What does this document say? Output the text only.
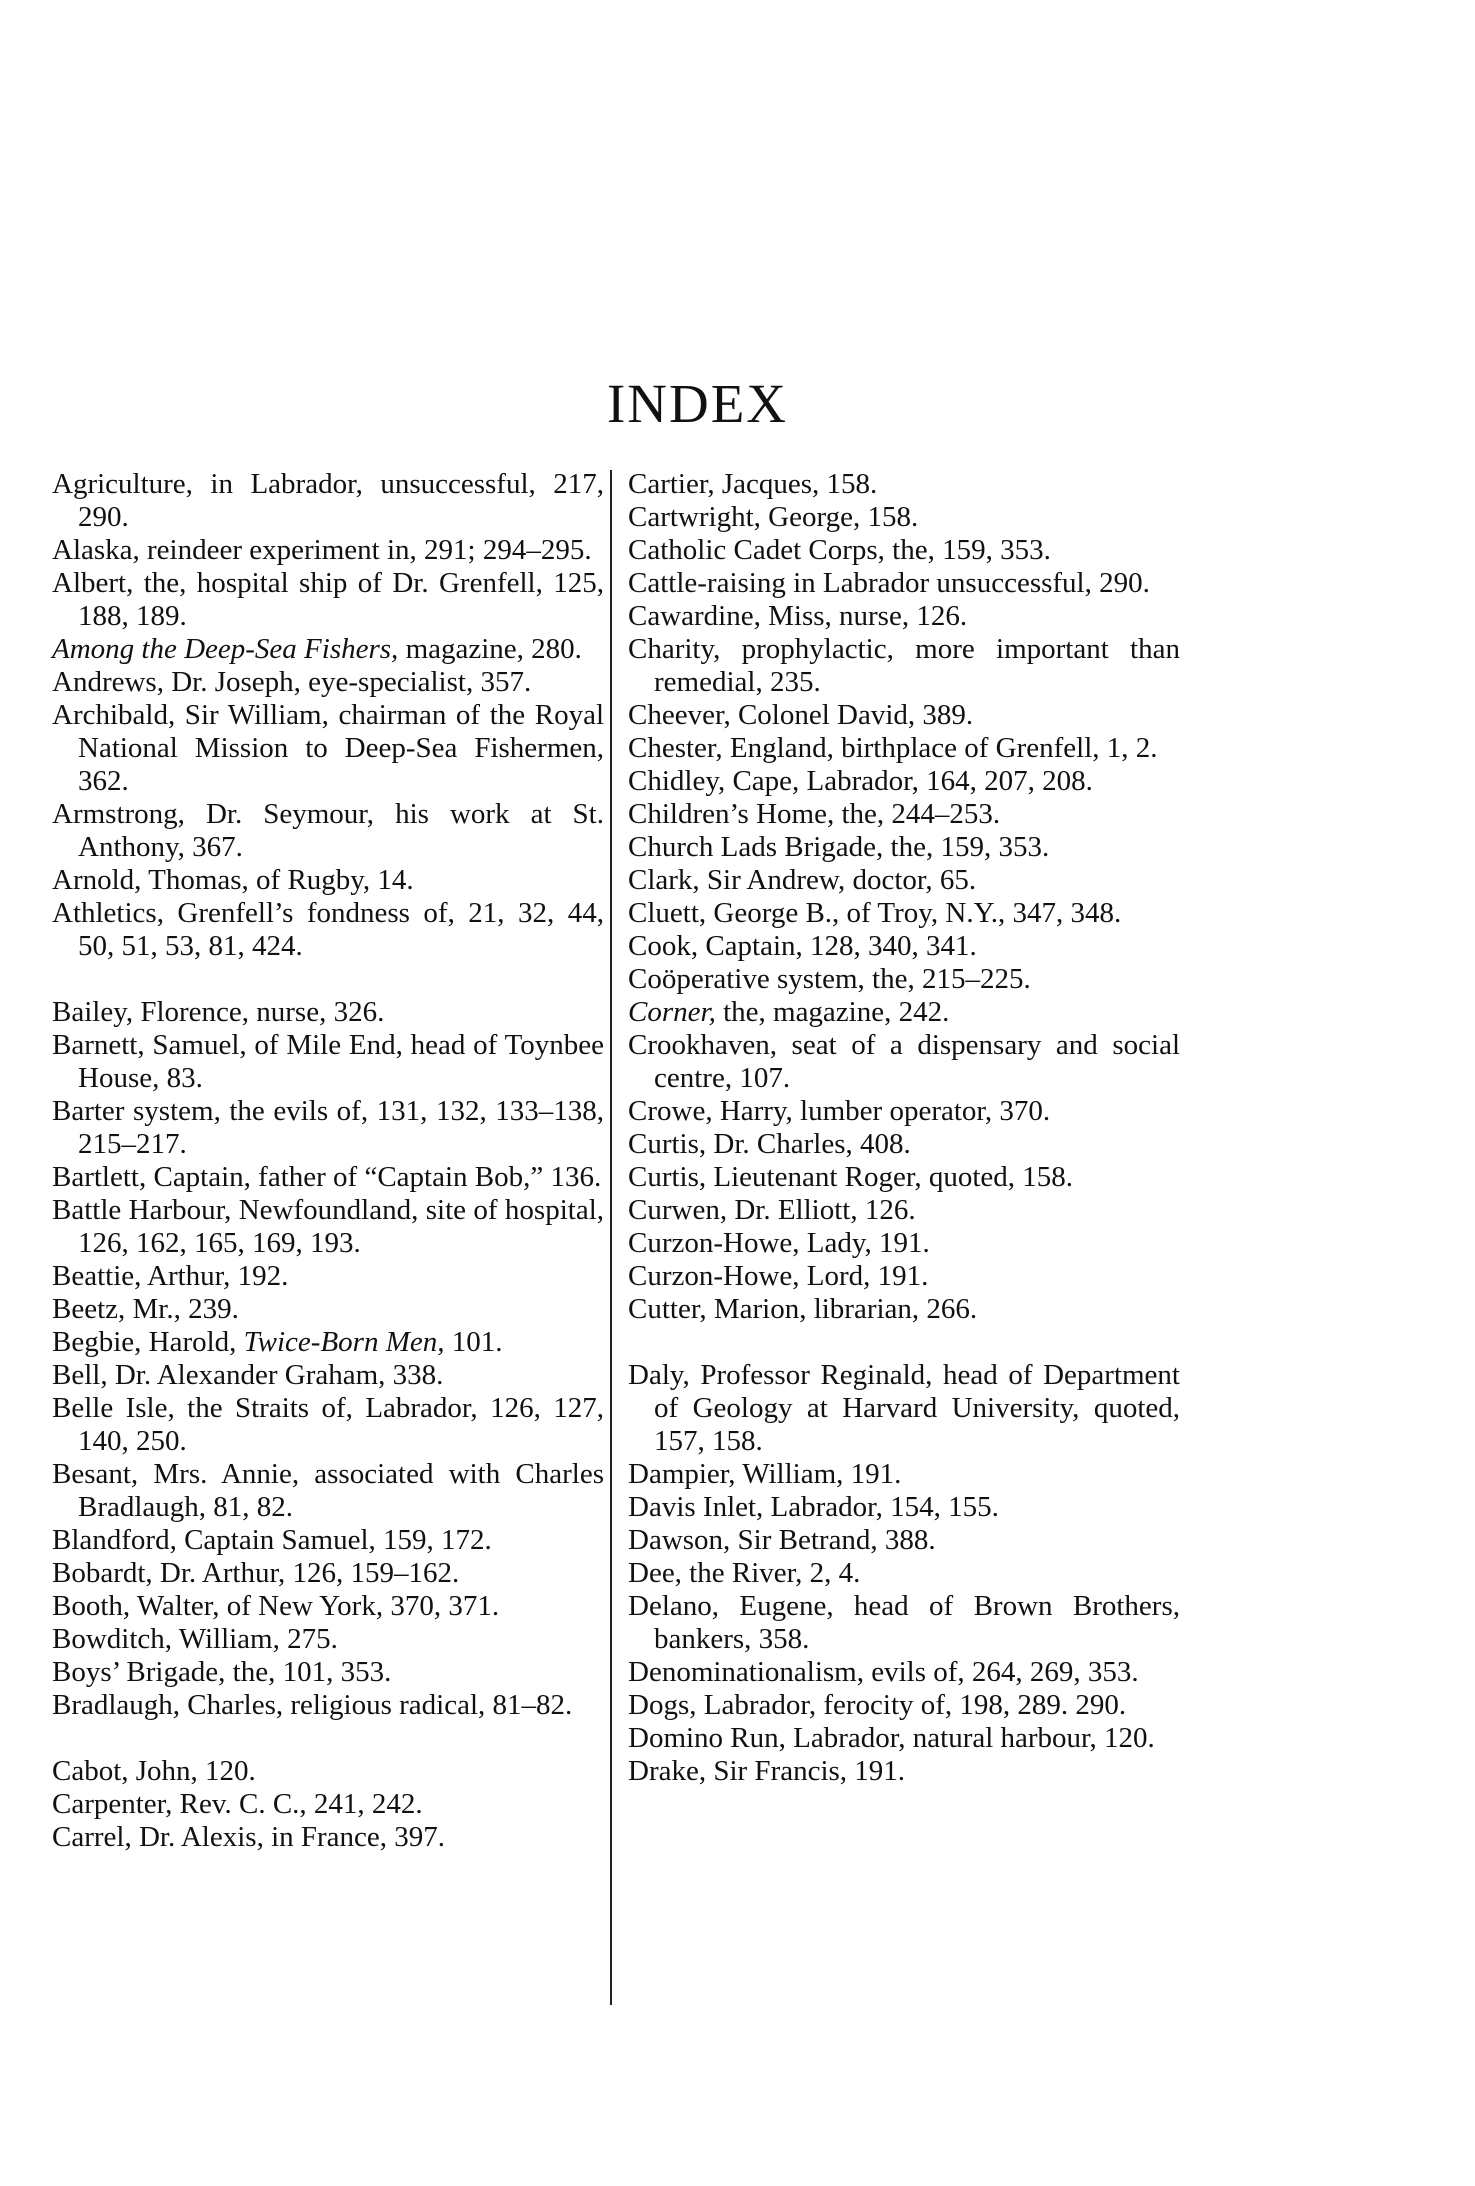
INDEX
Agriculture, in Labrador, unsuccessful, 217, 290.
Alaska, reindeer experiment in, 291; 294–295.
Albert, the, hospital ship of Dr. Grenfell, 125, 188, 189.
Among the Deep-Sea Fishers, magazine, 280.
Andrews, Dr. Joseph, eye-specialist, 357.
Archibald, Sir William, chairman of the Royal National Mission to Deep-Sea Fishermen, 362.
Armstrong, Dr. Seymour, his work at St. Anthony, 367.
Arnold, Thomas, of Rugby, 14.
Athletics, Grenfell’s fondness of, 21, 32, 44, 50, 51, 53, 81, 424.
Bailey, Florence, nurse, 326.
Barnett, Samuel, of Mile End, head of Toynbee House, 83.
Barter system, the evils of, 131, 132, 133–138, 215–217.
Bartlett, Captain, father of “Captain Bob,” 136.
Battle Harbour, Newfoundland, site of hospital, 126, 162, 165, 169, 193.
Beattie, Arthur, 192.
Beetz, Mr., 239.
Begbie, Harold, Twice-Born Men, 101.
Bell, Dr. Alexander Graham, 338.
Belle Isle, the Straits of, Labrador, 126, 127, 140, 250.
Besant, Mrs. Annie, associated with Charles Bradlaugh, 81, 82.
Blandford, Captain Samuel, 159, 172.
Bobardt, Dr. Arthur, 126, 159–162.
Booth, Walter, of New York, 370, 371.
Bowditch, William, 275.
Boys’ Brigade, the, 101, 353.
Bradlaugh, Charles, religious radical, 81–82.
Cabot, John, 120.
Carpenter, Rev. C. C., 241, 242.
Carrel, Dr. Alexis, in France, 397.
Cartier, Jacques, 158.
Cartwright, George, 158.
Catholic Cadet Corps, the, 159, 353.
Cattle-raising in Labrador unsuccessful, 290.
Cawardine, Miss, nurse, 126.
Charity, prophylactic, more important than remedial, 235.
Cheever, Colonel David, 389.
Chester, England, birthplace of Grenfell, 1, 2.
Chidley, Cape, Labrador, 164, 207, 208.
Children’s Home, the, 244–253.
Church Lads Brigade, the, 159, 353.
Clark, Sir Andrew, doctor, 65.
Cluett, George B., of Troy, N.Y., 347, 348.
Cook, Captain, 128, 340, 341.
Coöperative system, the, 215–225.
Corner, the, magazine, 242.
Crookhaven, seat of a dispensary and social centre, 107.
Crowe, Harry, lumber operator, 370.
Curtis, Dr. Charles, 408.
Curtis, Lieutenant Roger, quoted, 158.
Curwen, Dr. Elliott, 126.
Curzon-Howe, Lady, 191.
Curzon-Howe, Lord, 191.
Cutter, Marion, librarian, 266.
Daly, Professor Reginald, head of Department of Geology at Harvard University, quoted, 157, 158.
Dampier, William, 191.
Davis Inlet, Labrador, 154, 155.
Dawson, Sir Betrand, 388.
Dee, the River, 2, 4.
Delano, Eugene, head of Brown Brothers, bankers, 358.
Denominationalism, evils of, 264, 269, 353.
Dogs, Labrador, ferocity of, 198, 289. 290.
Domino Run, Labrador, natural harbour, 120.
Drake, Sir Francis, 191.
